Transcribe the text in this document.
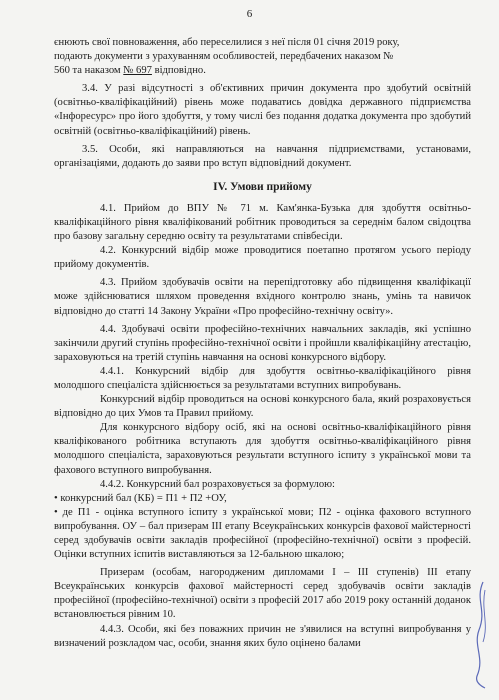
6

єнюють свої повноваження, або переселилися з неї після 01 січня 2019 року,
подають документи з урахуванням особливостей, передбачених наказом №
560 та наказом № 697 відповідно.

3.4. У разі відсутності з об'єктивних причин документа про здобутий освітній (освітньо-кваліфікаційний) рівень може подаватись довідка державного підприємства «Інфоресурс» про його здобуття, у тому числі без подання додатка документа про здобутий освітній (освітньо-кваліфікаційний) рівень.

3.5. Особи, які направляються на навчання підприємствами, установами, організаціями, додають до заяви про вступ відповідний документ.

IV. Умови прийому

4.1. Прийом до ВПУ № 71 м. Кам'янка-Бузька для здобуття освітньо-кваліфікаційного рівня кваліфікований робітник проводиться за середнім балом свідоцтва про базову загальну середню освіту та результатами співбесіди.

4.2. Конкурсний відбір може проводитися поетапно протягом усього періоду прийому документів.

4.3. Прийом здобувачів освіти на перепідготовку або підвищення кваліфікації може здійснюватися шляхом проведення вхідного контролю знань, умінь та навичок відповідно до статті 14 Закону України «Про професійно-технічну освіту».

4.4. Здобувачі освіти професійно-технічних навчальних закладів, які успішно закінчили другий ступінь професійно-технічної освіти і пройшли кваліфікаційну атестацію, зараховуються на третій ступінь навчання на основі конкурсного відбору.

4.4.1. Конкурсний відбір для здобуття освітньо-кваліфікаційного рівня молодшого спеціаліста здійснюється за результатами вступних випробувань.

Конкурсний відбір проводиться на основі конкурсного бала, який розраховується відповідно до цих Умов та Правил прийому.

Для конкурсного відбору осіб, які на основі освітньо-кваліфікаційного рівня кваліфікованого робітника вступають для здобуття освітньо-кваліфікаційного рівня молодшого спеціаліста, зараховуються результати вступного іспиту з української мови та фахового вступного випробування.

4.4.2. Конкурсний бал розраховується за формулою:

• конкурсний бал (КБ) = П1 + П2 +ОУ,

• де П1 - оцінка вступного іспиту з української мови; П2 - оцінка фахового вступного випробування. ОУ – бал призерам III етапу Всеукраїнських конкурсів фахової майстерності серед здобувачів освіти закладів професійної (професійно-технічної) освіти з професій. Оцінки вступних іспитів виставляються за 12-бальною шкалою;

Призерам (особам, нагородженим дипломами I – III ступенів) III етапу Всеукраїнських конкурсів фахової майстерності серед здобувачів освіти закладів професійної (професійно-технічної) освіти з професій 2017 або 2019 року останній доданок встановлюється рівним 10.

4.4.3. Особи, які без поважних причин не з'явилися на вступні випробування у визначений розкладом час, особи, знання яких було оцінено балами
